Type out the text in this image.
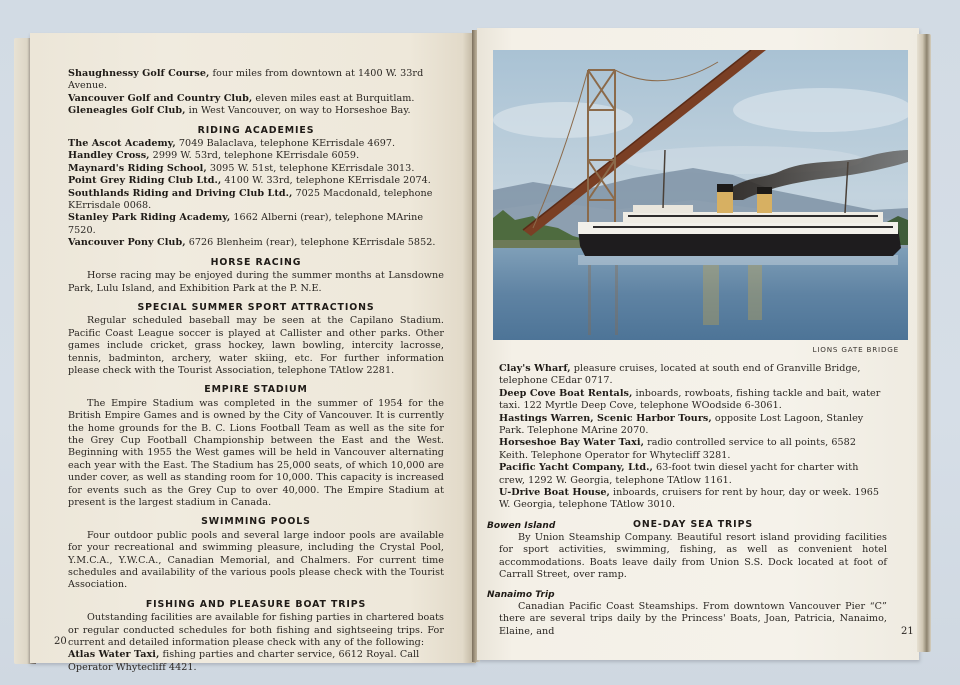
Shaughnessy Golf Course, four miles from downtown at 1400 W. 33rd Avenue.

Vancouver Golf and Country Club, eleven miles east at Burquitlam.

Gleneagles Golf Club, in West Vancouver, on way to Horseshoe Bay.

RIDING ACADEMIES

The Ascot Academy, 7049 Balaclava, telephone KErrisdale 4697.

Handley Cross, 2999 W. 53rd, telephone KErrisdale 6059.

Maynard's Riding School, 3095 W. 51st, telephone KErrisdale 3013.

Point Grey Riding Club Ltd., 4100 W. 33rd, telephone KErrisdale 2074.

Southlands Riding and Driving Club Ltd., 7025 Macdonald, telephone KErrisdale 0068.

Stanley Park Riding Academy, 1662 Alberni (rear), telephone MArine 7520.

Vancouver Pony Club, 6726 Blenheim (rear), telephone KErrisdale 5852.

HORSE RACING

Horse racing may be enjoyed during the summer months at Lansdowne Park, Lulu Island, and Exhibition Park at the P. N.E.

SPECIAL SUMMER SPORT ATTRACTIONS

Regular scheduled baseball may be seen at the Capilano Stadium. Pacific Coast League soccer is played at Callister and other parks. Other games include cricket, grass hockey, lawn bowling, intercity lacrosse, tennis, badminton, archery, water skiing, etc. For further information please check with the Tourist Association, telephone TAtlow 2281.

EMPIRE STADIUM

The Empire Stadium was completed in the summer of 1954 for the British Empire Games and is owned by the City of Vancouver. It is currently the home grounds for the B. C. Lions Football Team as well as the site for the Grey Cup Football Championship between the East and the West. Beginning with 1955 the West games will be held in Vancouver alternating each year with the East. The Stadium has 25,000 seats, of which 10,000 are under cover, as well as standing room for 10,000. This capacity is increased for events such as the Grey Cup to over 40,000. The Empire Stadium at present is the largest stadium in Canada.

SWIMMING POOLS

Four outdoor public pools and several large indoor pools are available for your recreational and swimming pleasure, including the Crystal Pool, Y.M.C.A., Y.W.C.A., Canadian Memorial, and Chalmers. For current time schedules and availability of the various pools please check with the Tourist Association.

FISHING AND PLEASURE BOAT TRIPS

Outstanding facilities are available for fishing parties in chartered boats or regular conducted schedules for both fishing and sightseeing trips. For current and detailed information please check with any of the following:

Atlas Water Taxi, fishing parties and charter service, 6612 Royal. Call Operator Whytecliff 4421.

20
LIONS GATE BRIDGE

Clay's Wharf, pleasure cruises, located at south end of Granville Bridge, telephone CEdar 0717.

Deep Cove Boat Rentals, inboards, rowboats, fishing tackle and bait, water taxi. 122 Myrtle Deep Cove, telephone WOodside 6-3061.

Hastings Warren, Scenic Harbor Tours, opposite Lost Lagoon, Stanley Park. Telephone MArine 2070.

Horseshoe Bay Water Taxi, radio controlled service to all points, 6582 Keith. Telephone Operator for Whytecliff 3281.

Pacific Yacht Company, Ltd., 63-foot twin diesel yacht for charter with crew, 1292 W. Georgia, telephone TAtlow 1161.

U-Drive Boat House, inboards, cruisers for rent by hour, day or week. 1965 W. Georgia, telephone TAtlow 3010.

Bowen Island	ONE-DAY SEA TRIPS

By Union Steamship Company. Beautiful resort island providing facilities for sport activities, swimming, fishing, as well as convenient hotel accommodations. Boats leave daily from Union S.S. Dock located at foot of Carrall Street, over ramp.

Nanaimo Trip

Canadian Pacific Coast Steamships. From downtown Vancouver Pier “C” there are several trips daily by the Princess' Boats, Joan, Patricia, Nanaimo, Elaine, and	21
